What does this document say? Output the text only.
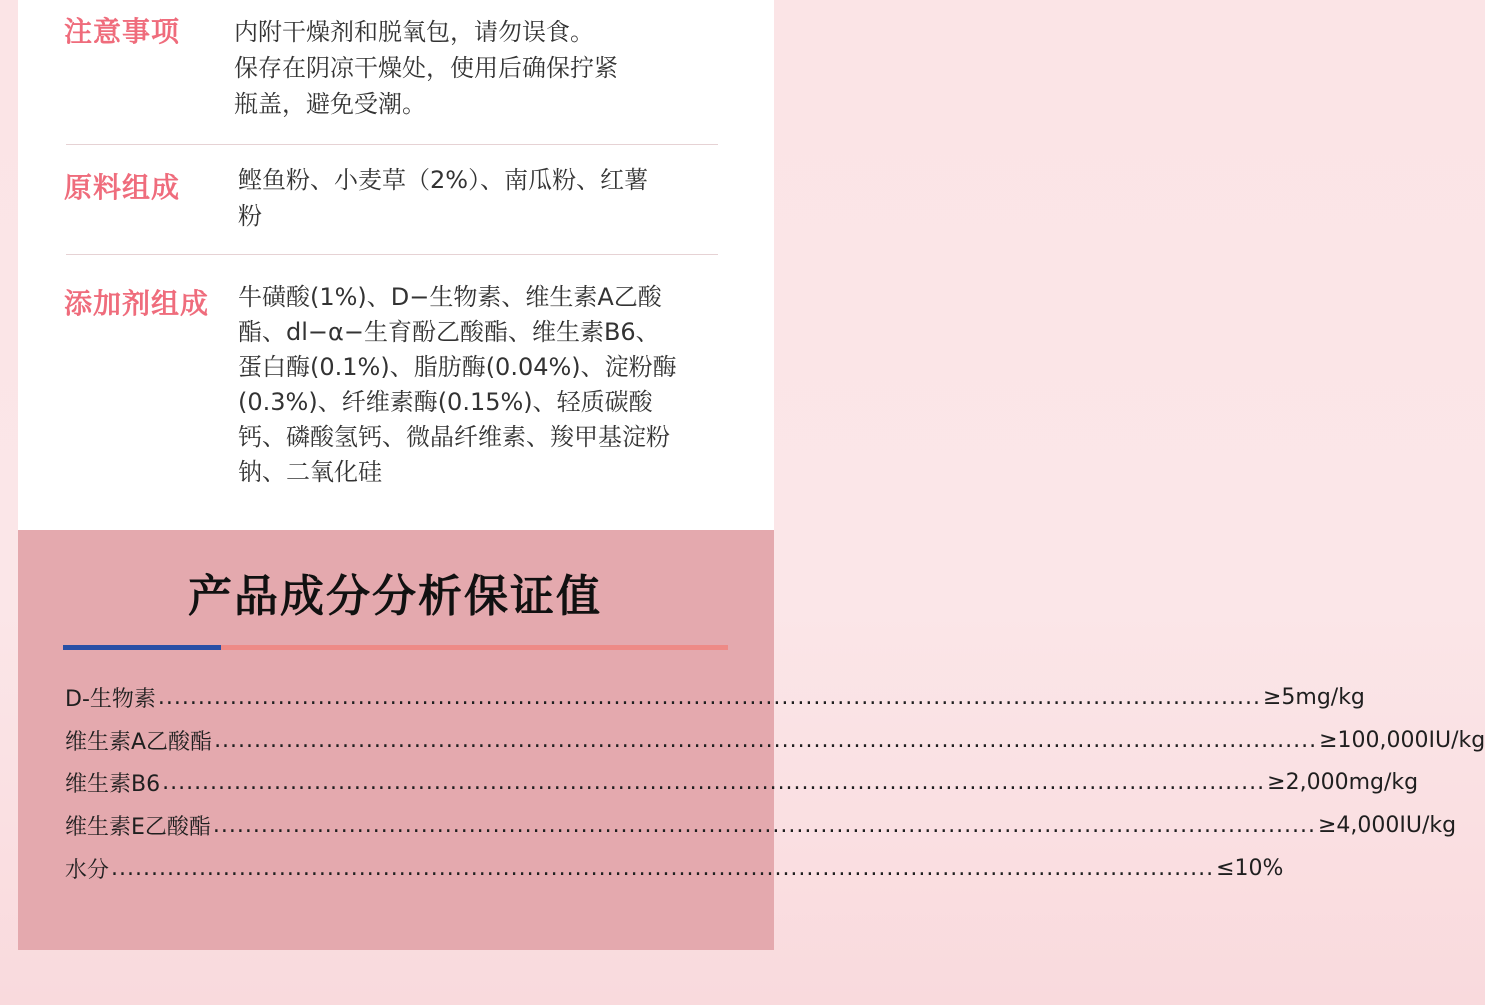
注意事项 内附干燥剂和脱氧包，请勿误食。
保存在阴凉干燥处，使用后确保拧紧
瓶盖，避免受潮。
原料组成 鲣鱼粉、小麦草（2%）、南瓜粉、红薯
粉
添加剂组成 牛磺酸(1%)、D−生物素、维生素A乙酸
酯、dl−α−生育酚乙酸酯、维生素B6、
蛋白酶(0.1%)、脂肪酶(0.04%)、淀粉酶
(0.3%)、纤维素酶(0.15%)、轻质碳酸
钙、磷酸氢钙、微晶纤维素、羧甲基淀粉
钠、二氧化硅
产品成分分析保证值
D-生物素 .......................................................................................................................................... ≥5mg/kg
维生素A乙酸酯 .......................................................................................................................................... ≥100,000IU/kg
维生素B6 .......................................................................................................................................... ≥2,000mg/kg
维生素E乙酸酯 .......................................................................................................................................... ≥4,000IU/kg
水分 .......................................................................................................................................... ≤10%
